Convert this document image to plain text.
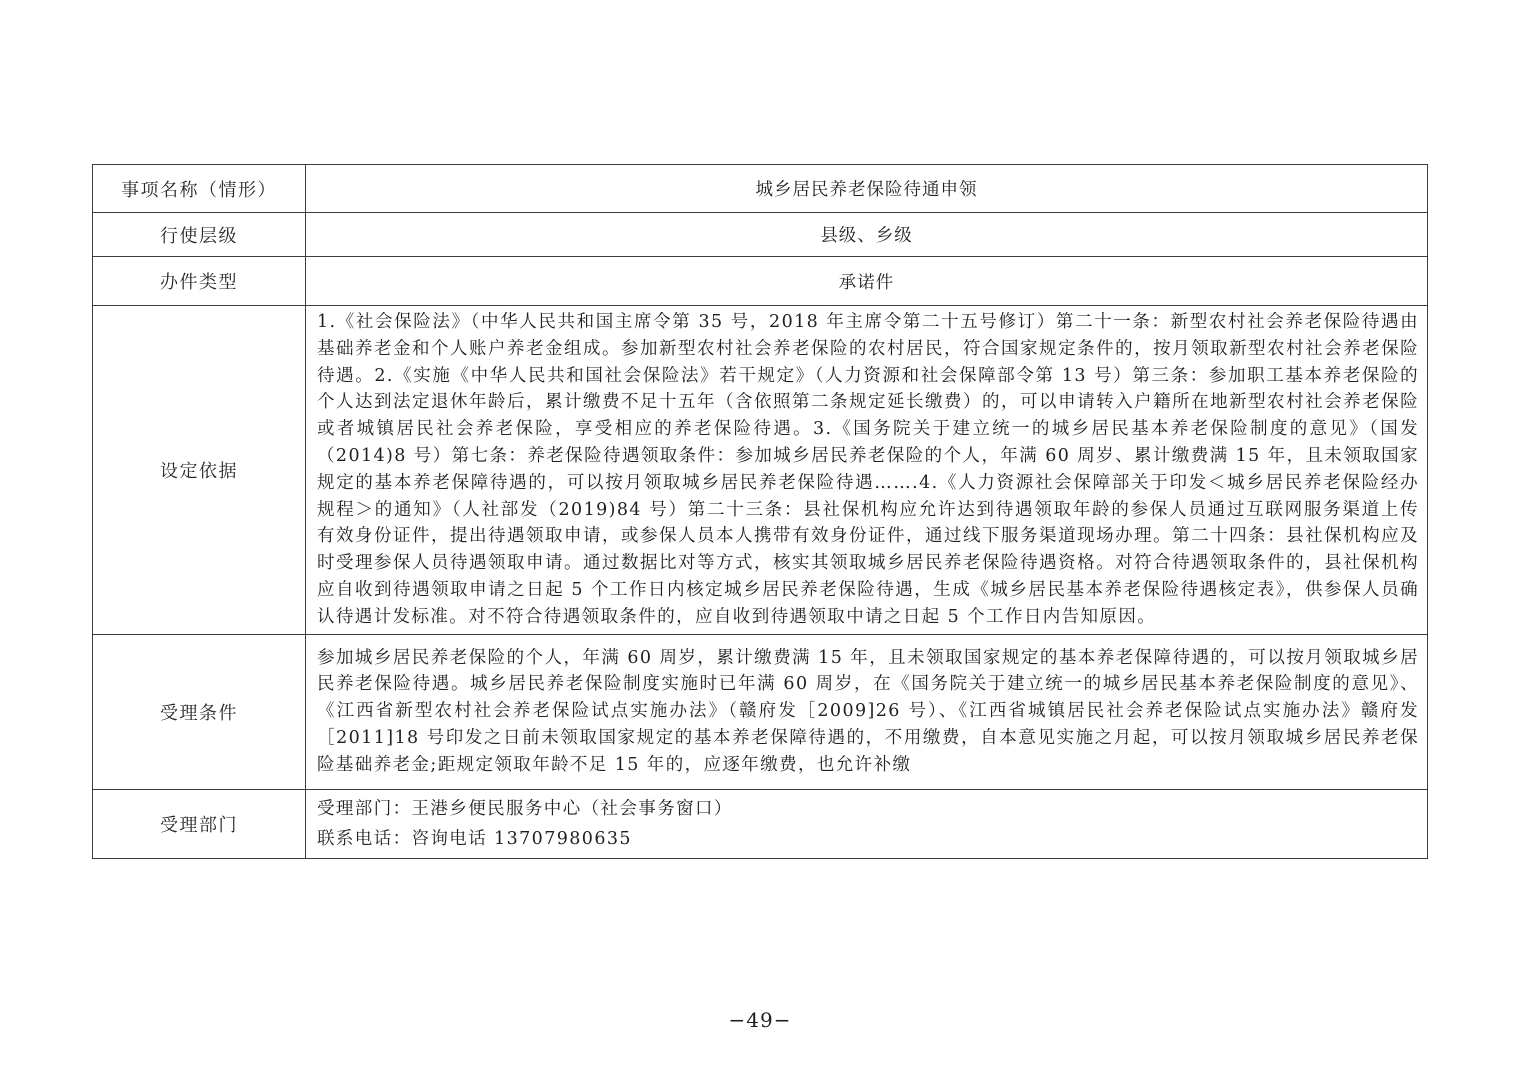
事项名称（情形）	城乡居民养老保险待通申领
行使层级	县级、乡级
办件类型	承诺件
设定依据	1.《社会保险法》（中华人民共和国主席令第 35 号，2018 年主席令第二十五号修订）第二十一条：新型农村社会养老保险待遇由基础养老金和个人账户养老金组成。参加新型农村社会养老保险的农村居民，符合国家规定条件的，按月领取新型农村社会养老保险待遇。2.《实施《中华人民共和国社会保险法》若干规定》（人力资源和社会保障部令第 13 号）第三条：参加职工基本养老保险的个人达到法定退休年龄后，累计缴费不足十五年（含依照第二条规定延长缴费）的，可以申请转入户籍所在地新型农村社会养老保险或者城镇居民社会养老保险，享受相应的养老保险待遇。3.《国务院关于建立统一的城乡居民基本养老保险制度的意见》（国发（2014)8 号）第七条：养老保险待遇领取条件：参加城乡居民养老保险的个人，年满 60 周岁、累计缴费满 15 年，且未领取国家规定的基本养老保障待遇的，可以按月领取城乡居民养老保险待遇…….4.《人力资源社会保障部关于印发＜城乡居民养老保险经办规程＞的通知》（人社部发（2019)84 号）第二十三条：县社保机构应允许达到待遇领取年龄的参保人员通过互联网服务渠道上传有效身份证件，提出待遇领取申请，或参保人员本人携带有效身份证件，通过线下服务渠道现场办理。第二十四条：县社保机构应及时受理参保人员待遇领取申请。通过数据比对等方式，核实其领取城乡居民养老保险待遇资格。对符合待遇领取条件的，县社保机构应自收到待遇领取申请之日起 5 个工作日内核定城乡居民养老保险待遇，生成《城乡居民基本养老保险待遇核定表》，供参保人员确认待遇计发标准。对不符合待遇领取条件的，应自收到待遇领取中请之日起 5 个工作日内告知原因。
受理条件	参加城乡居民养老保险的个人，年满 60 周岁，累计缴费满 15 年，且未领取国家规定的基本养老保障待遇的，可以按月领取城乡居民养老保险待遇。城乡居民养老保险制度实施时已年满 60 周岁，在《国务院关于建立统一的城乡居民基本养老保险制度的意见》、《江西省新型农村社会养老保险试点实施办法》（赣府发［2009]26 号）、《江西省城镇居民社会养老保险试点实施办法》赣府发［2011]18 号印发之日前未领取国家规定的基本养老保障待遇的，不用缴费，自本意见实施之月起，可以按月领取城乡居民养老保险基础养老金;距规定领取年龄不足 15 年的，应逐年缴费，也允许补缴
受理部门	受理部门：王港乡便民服务中心（社会事务窗口）
联系电话：咨询电话 13707980635
−49−
